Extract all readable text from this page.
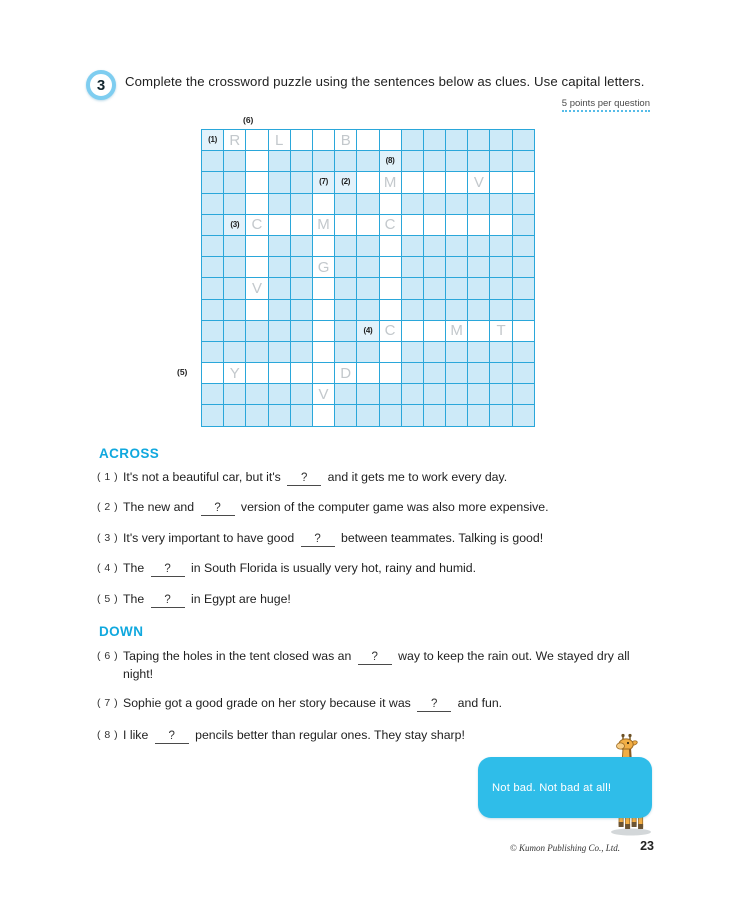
3 Complete the crossword puzzle using the sentences below as clues. Use capital letters.
5 points per question
(6)
(5)
(1) R L	B
(8)
(7) (2) M	V
(3) C	M	C
G
V
(4) C	M T
Y	D
V
ACROSS
( 1 ) It's not a beautiful car, but it's ? and it gets me to work every day.
( 2 ) The new and ? version of the computer game was also more expensive.
( 3 ) It's very important to have good ? between teammates. Talking is good!
( 4 ) The ? in South Florida is usually very hot, rainy and humid.
( 5 ) The ? in Egypt are huge!
DOWN
( 6 ) Taping the holes in the tent closed was an ? way to keep the rain out. We stayed dry all night!
( 7 ) Sophie got a good grade on her story because it was ? and fun.
( 8 ) I like ? pencils better than regular ones. They stay sharp!
Not bad. Not bad at all!
© Kumon Publishing Co., Ltd.	23
